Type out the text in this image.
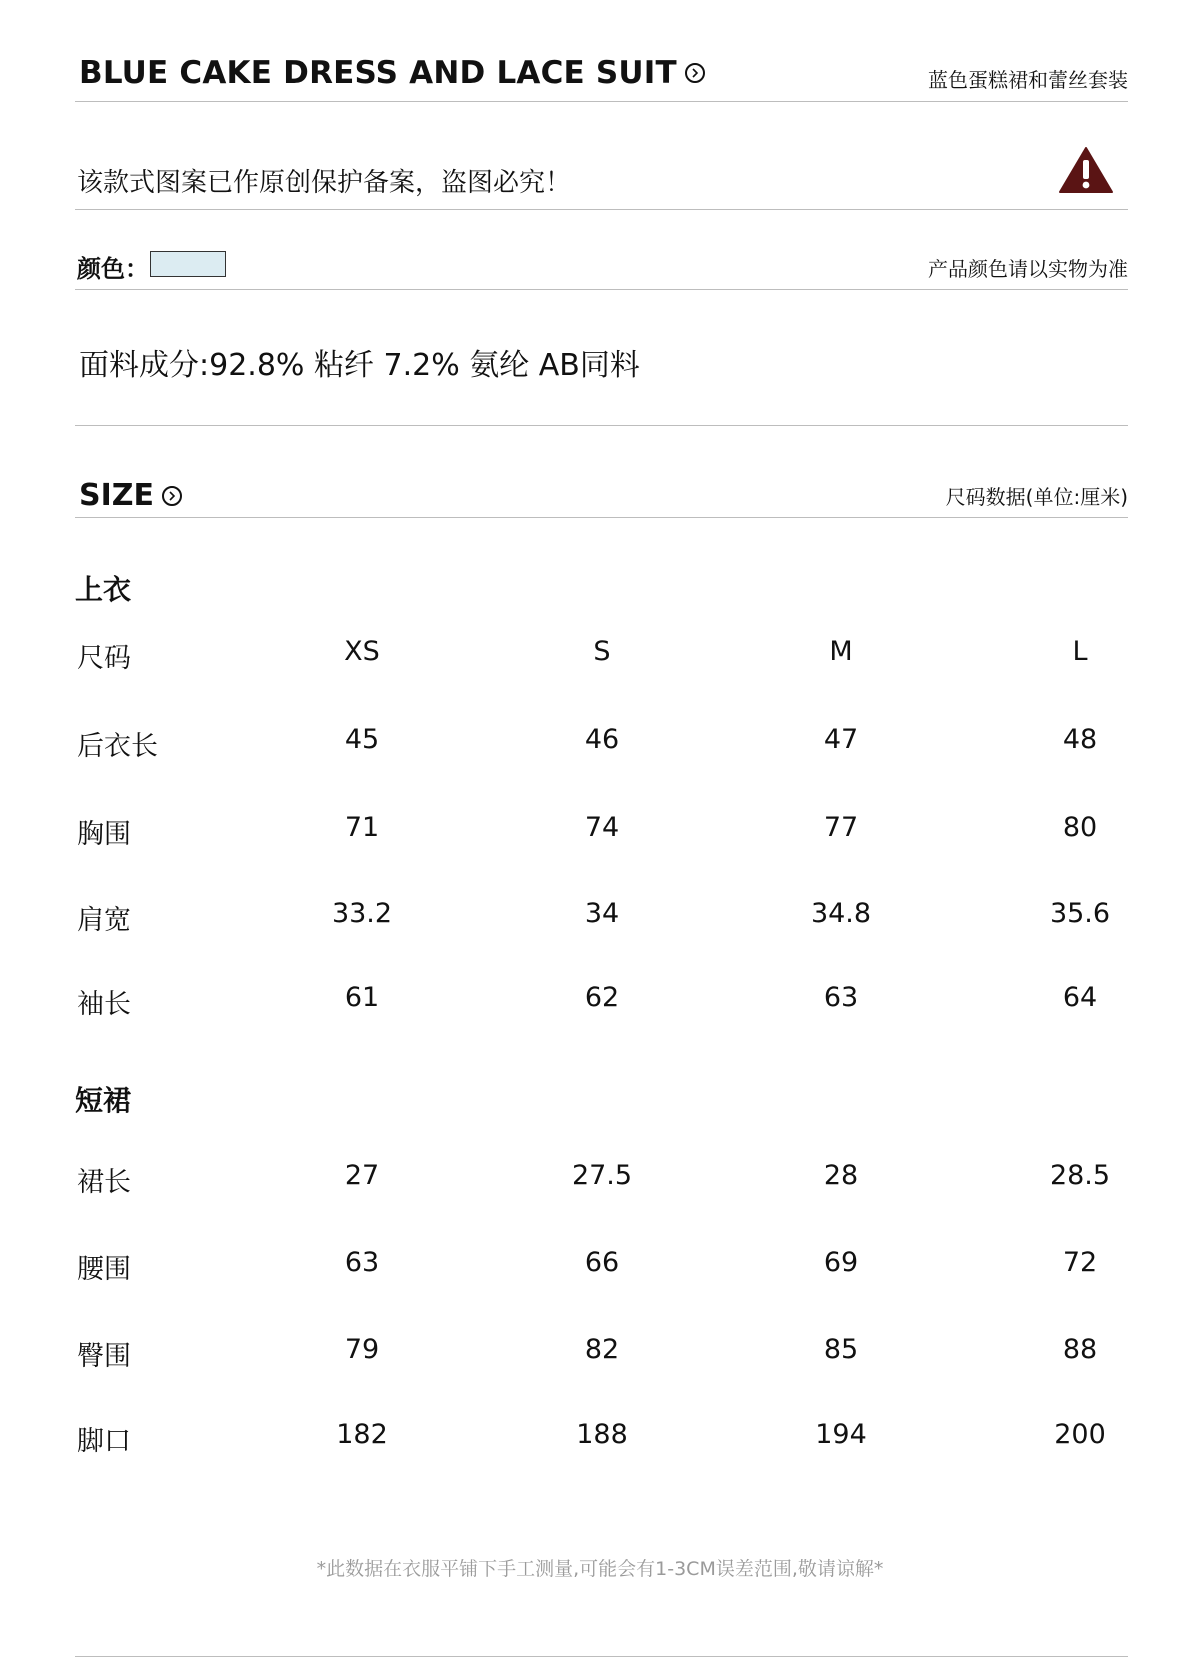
BLUE CAKE DRESS AND LACE SUIT	蓝色蛋糕裙和蕾丝套装
该款式图案已作原创保护备案，盗图必究！
颜色：	产品颜色请以实物为准
面料成分:92.8% 粘纤 7.2% 氨纶 AB同料
SIZE	尺码数据(单位:厘米)
上衣
尺码	XS	S	M	L
后衣长	45	46	47	48
胸围	71	74	77	80
肩宽	33.2	34	34.8	35.6
袖长	61	62	63	64
短裙
裙长	27	27.5	28	28.5
腰围	63	66	69	72
臀围	79	82	85	88
脚口	182	188	194	200
*此数据在衣服平铺下手工测量,可能会有1-3CM误差范围,敬请谅解*
